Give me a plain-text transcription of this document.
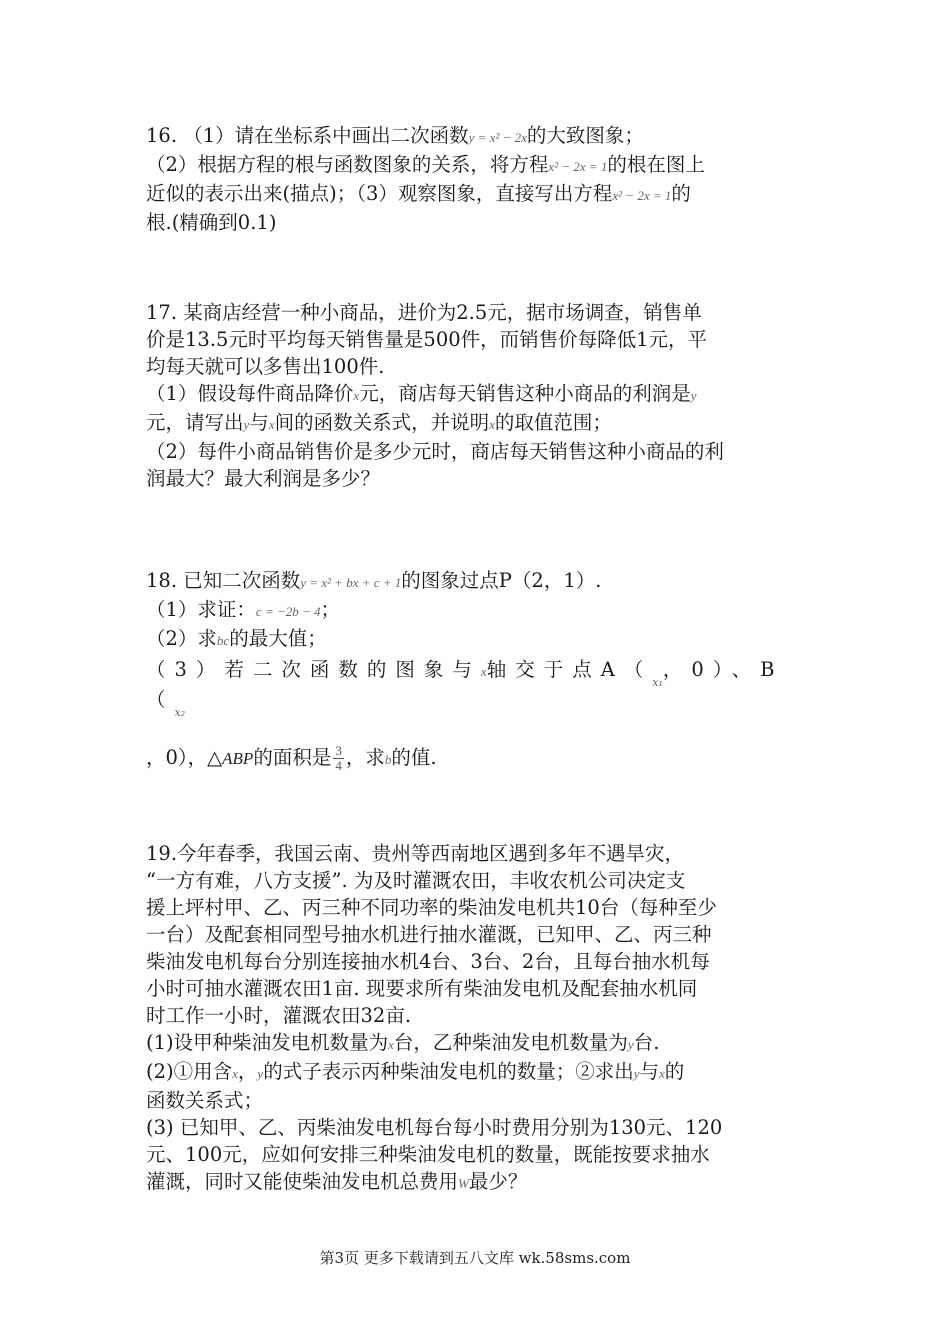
16. （1）请在坐标系中画出二次函数y = x² − 2x的大致图象；

（2）根据方程的根与函数图象的关系，将方程x² − 2x = 1的根在图上

近似的表示出来(描点)；（3）观察图象，直接写出方程x² − 2x = 1的

根.(精确到0.1)

17. 某商店经营一种小商品，进价为2.5元，据市场调查，销售单

价是13.5元时平均每天销售量是500件，而销售价每降低1元，平

均每天就可以多售出100件.

（1）假设每件商品降价x元，商店每天销售这种小商品的利润是y

元，请写出y与x间的函数关系式，并说明x的取值范围；

（2）每件小商品销售价是多少元时，商店每天销售这种小商品的利

润最大？最大利润是多少？

18. 已知二次函数y = x² + bx + c + 1的图象过点P（2，1）.

（1）求证：c = −2b − 4；

（2）求bc的最大值；

（3）若二次函数的图象与x轴交于点$A(_{x_1}$，0）、$B(_{x_2}$

，0），△ABP的面积是 $\frac{3}{4}$ ，求b的值.

19.今年春季，我国云南、贵州等西南地区遇到多年不遇旱灾，

“一方有难，八方支援”. 为及时灌溉农田，丰收农机公司决定支

援上坪村甲、乙、丙三种不同功率的柴油发电机共10台（每种至少

一台）及配套相同型号抽水机进行抽水灌溉，已知甲、乙、丙三种

柴油发电机每台分别连接抽水机4台、3台、2台，且每台抽水机每

小时可抽水灌溉农田1亩. 现要求所有柴油发电机及配套抽水机同

时工作一小时，灌溉农田32亩.

(1)设甲种柴油发电机数量为x台，乙种柴油发电机数量为y台.

(2)①用含x，y的式子表示丙种柴油发电机的数量；②求出y与x的

函数关系式；

(3) 已知甲、乙、丙柴油发电机每台每小时费用分别为130元、120

元、100元，应如何安排三种柴油发电机的数量，既能按要求抽水

灌溉，同时又能使柴油发电机总费用W最少？

第3页 更多下载请到五八文库 wk.58sms.com
